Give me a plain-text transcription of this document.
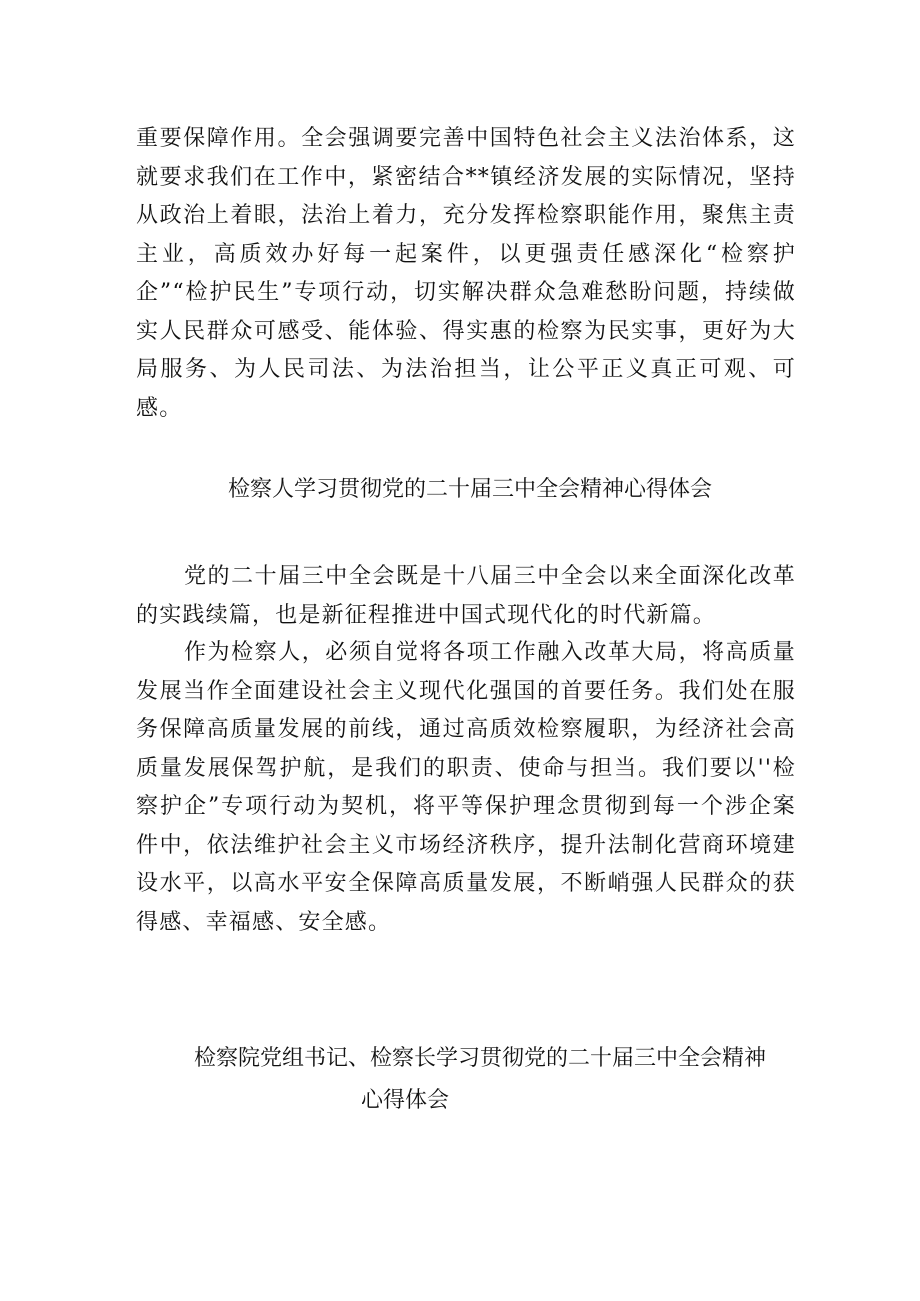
重要保障作用。全会强调要完善中国特色社会主义法治体系，这就要求我们在工作中，紧密结合**镇经济发展的实际情况，坚持从政治上着眼，法治上着力，充分发挥检察职能作用，聚焦主责主业，高质效办好每一起案件，以更强责任感深化“检察护企”“检护民生”专项行动，切实解决群众急难愁盼问题，持续做实人民群众可感受、能体验、得实惠的检察为民实事，更好为大局服务、为人民司法、为法治担当，让公平正义真正可观、可感。

检察人学习贯彻党的二十届三中全会精神心得体会

党的二十届三中全会既是十八届三中全会以来全面深化改革的实践续篇，也是新征程推进中国式现代化的时代新篇。

作为检察人，必须自觉将各项工作融入改革大局，将高质量发展当作全面建设社会主义现代化强国的首要任务。我们处在服务保障高质量发展的前线，通过高质效检察履职，为经济社会高质量发展保驾护航，是我们的职责、使命与担当。我们要以''检察护企”专项行动为契机，将平等保护理念贯彻到每一个涉企案件中，依法维护社会主义市场经济秩序，提升法制化营商环境建设水平，以高水平安全保障高质量发展，不断峭强人民群众的获得感、幸福感、安全感。

检察院党组书记、检察长学习贯彻党的二十届三中全会精神
心得体会
